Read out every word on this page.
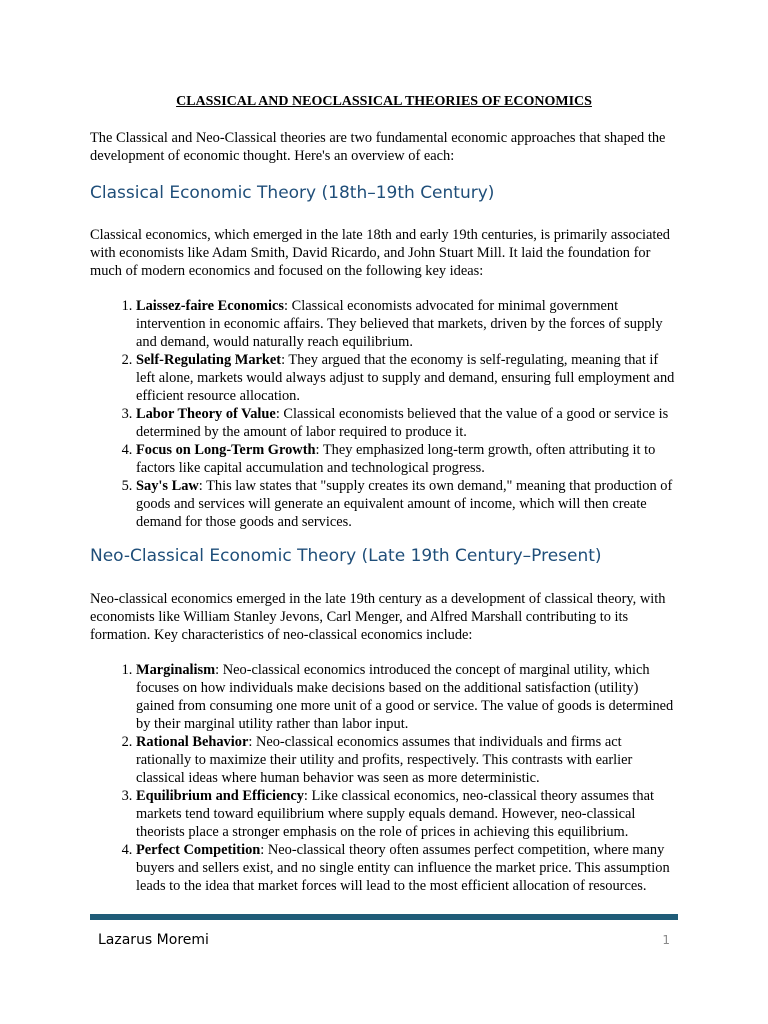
CLASSICAL AND NEOCLASSICAL THEORIES OF ECONOMICS

The Classical and Neo-Classical theories are two fundamental economic approaches that shaped the development of economic thought. Here's an overview of each:

Classical Economic Theory (18th–19th Century)

Classical economics, which emerged in the late 18th and early 19th centuries, is primarily associated with economists like Adam Smith, David Ricardo, and John Stuart Mill. It laid the foundation for much of modern economics and focused on the following key ideas:

1. Laissez-faire Economics: Classical economists advocated for minimal government intervention in economic affairs. They believed that markets, driven by the forces of supply and demand, would naturally reach equilibrium.
2. Self-Regulating Market: They argued that the economy is self-regulating, meaning that if left alone, markets would always adjust to supply and demand, ensuring full employment and efficient resource allocation.
3. Labor Theory of Value: Classical economists believed that the value of a good or service is determined by the amount of labor required to produce it.
4. Focus on Long-Term Growth: They emphasized long-term growth, often attributing it to factors like capital accumulation and technological progress.
5. Say's Law: This law states that "supply creates its own demand," meaning that production of goods and services will generate an equivalent amount of income, which will then create demand for those goods and services.
Neo-Classical Economic Theory (Late 19th Century–Present)

Neo-classical economics emerged in the late 19th century as a development of classical theory, with economists like William Stanley Jevons, Carl Menger, and Alfred Marshall contributing to its formation. Key characteristics of neo-classical economics include:

1. Marginalism: Neo-classical economics introduced the concept of marginal utility, which focuses on how individuals make decisions based on the additional satisfaction (utility) gained from consuming one more unit of a good or service. The value of goods is determined by their marginal utility rather than labor input.
2. Rational Behavior: Neo-classical economics assumes that individuals and firms act rationally to maximize their utility and profits, respectively. This contrasts with earlier classical ideas where human behavior was seen as more deterministic.
3. Equilibrium and Efficiency: Like classical economics, neo-classical theory assumes that markets tend toward equilibrium where supply equals demand. However, neo-classical theorists place a stronger emphasis on the role of prices in achieving this equilibrium.
4. Perfect Competition: Neo-classical theory often assumes perfect competition, where many buyers and sellers exist, and no single entity can influence the market price. This assumption leads to the idea that market forces will lead to the most efficient allocation of resources.
Lazarus Moremi	1
